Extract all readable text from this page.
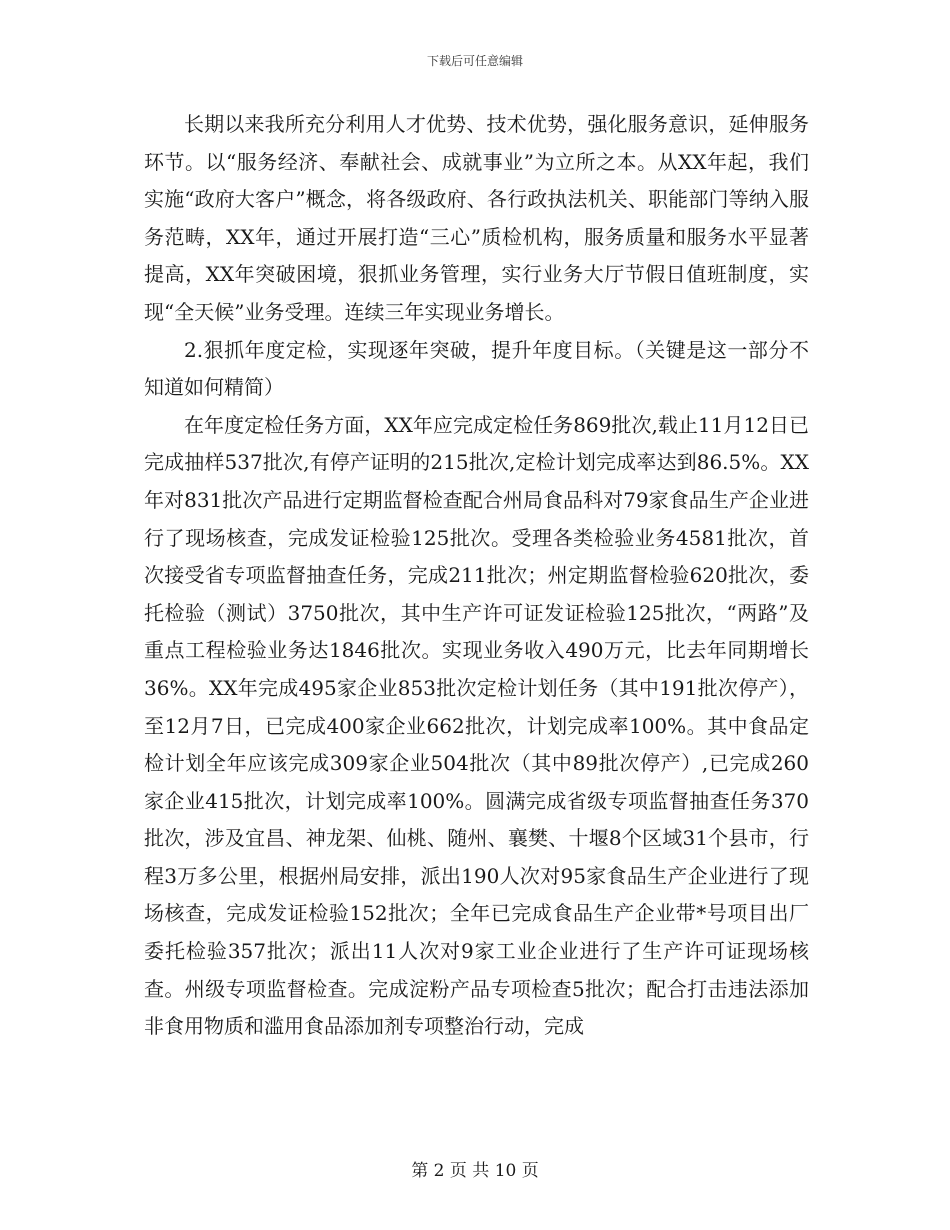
下载后可任意编辑

长期以来我所充分利用人才优势、技术优势，强化服务意识，延伸服务环节。以“服务经济、奉献社会、成就事业”为立所之本。从XX年起，我们实施“政府大客户”概念，将各级政府、各行政执法机关、职能部门等纳入服务范畴，XX年，通过开展打造“三心”质检机构，服务质量和服务水平显著提高，XX年突破困境，狠抓业务管理，实行业务大厅节假日值班制度，实现“全天候”业务受理。连续三年实现业务增长。

2.狠抓年度定检，实现逐年突破，提升年度目标。（关键是这一部分不知道如何精简）

在年度定检任务方面，XX年应完成定检任务869批次,载止11月12日已完成抽样537批次,有停产证明的215批次,定检计划完成率达到86.5%。XX年对831批次产品进行定期监督检查配合州局食品科对79家食品生产企业进行了现场核查，完成发证检验125批次。受理各类检验业务4581批次，首次接受省专项监督抽查任务，完成211批次；州定期监督检验620批次，委托检验（测试）3750批次，其中生产许可证发证检验125批次，“两路”及重点工程检验业务达1846批次。实现业务收入490万元，比去年同期增长36%。XX年完成495家企业853批次定检计划任务（其中191批次停产），至12月7日，已完成400家企业662批次，计划完成率100%。其中食品定检计划全年应该完成309家企业504批次（其中89批次停产）,已完成260家企业415批次，计划完成率100%。圆满完成省级专项监督抽查任务370批次，涉及宜昌、神龙架、仙桃、随州、襄樊、十堰8个区域31个县市，行程3万多公里，根据州局安排，派出190人次对95家食品生产企业进行了现场核查，完成发证检验152批次；全年已完成食品生产企业带*号项目出厂委托检验357批次；派出11人次对9家工业企业进行了生产许可证现场核查。州级专项监督检查。完成淀粉产品专项检查5批次；配合打击违法添加非食用物质和滥用食品添加剂专项整治行动，完成

第 2 页 共 10 页
